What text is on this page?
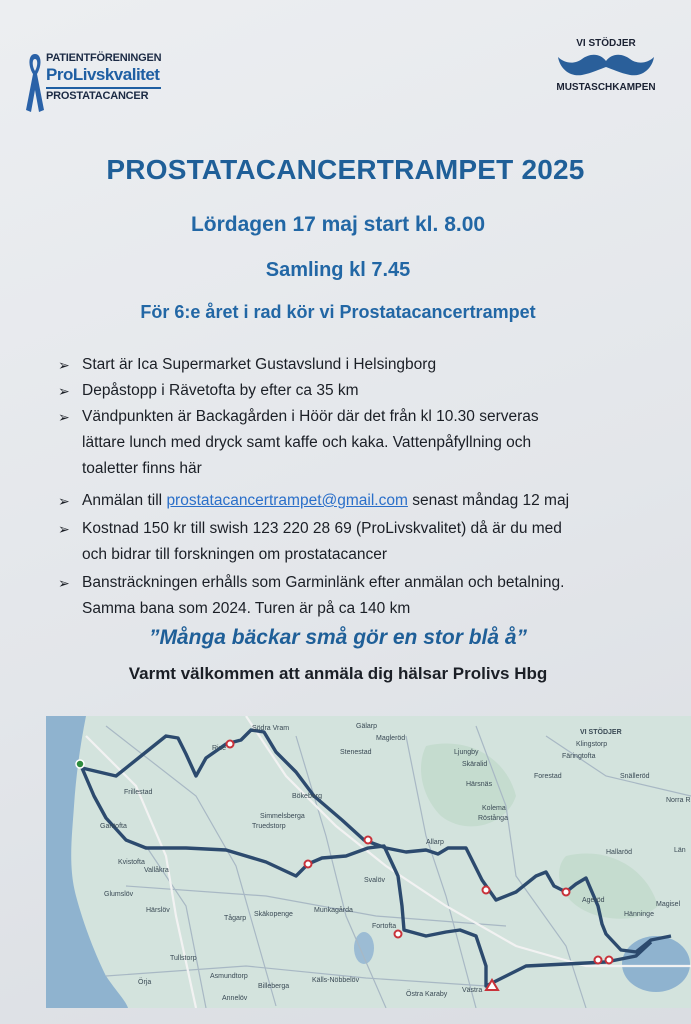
PATIENTFÖRENINGEN
ProLivskvalitet
PROSTATACANCER
VI STÖDJER
MUSTASCHKAMPEN
PROSTATACANCERTRAMPET 2025
Lördagen 17 maj start kl. 8.00
Samling kl 7.45
För 6:e året i rad kör vi Prostatacancertrampet
➢ Start är Ica Supermarket Gustavslund i Helsingborg
➢ Depåstopp i Rävetofta by efter ca 35 km
➢ Vändpunkten är Backagården i Höör där det från kl 10.30 serveras
lättare lunch med dryck samt kaffe och kaka. Vattenpåfyllning och
toaletter finns här
➢ Anmälan till prostatacancertrampet@gmail.com senast måndag 12 maj
➢ Kostnad 150 kr till swish 123 220 28 69 (ProLivskvalitet) då är du med
och bidrar till forskningen om prostatacancer
➢ Bansträckningen erhålls som Garminlänk efter anmälan och betalning.
Samma bana som 2024. Turen är på ca 140 km
”Många bäckar små gör en stor blå å”
Varmt välkommen att anmäla dig hälsar Prolivs Hbg
Södra Vram	Gälarp
Magleröd
Stenestad	Ljungby
Klingstorp
Färingtofta
Forestad	Snälleröd
Norra R
Frillestad
Rise
Bökeberg
Truedstorp
Simmelsberga
Härsnäs
Skäralid
Kolema
Röstånga
Allarp
Hallaröd
Gantofta
Kvistofta
Vallåkra
Svalöv
Munkagårda
Glumslöv
Härslöv
Tågarp
Skäkopenge
Tullstorp
Fortofta
Ageröd
Magisel
Hänninge
Örja
Asmundtorp
Källs-Nöbbelöv
Billeberga
Östra Karaby
Västra
Annelöv
Län
VI STÖDJER
